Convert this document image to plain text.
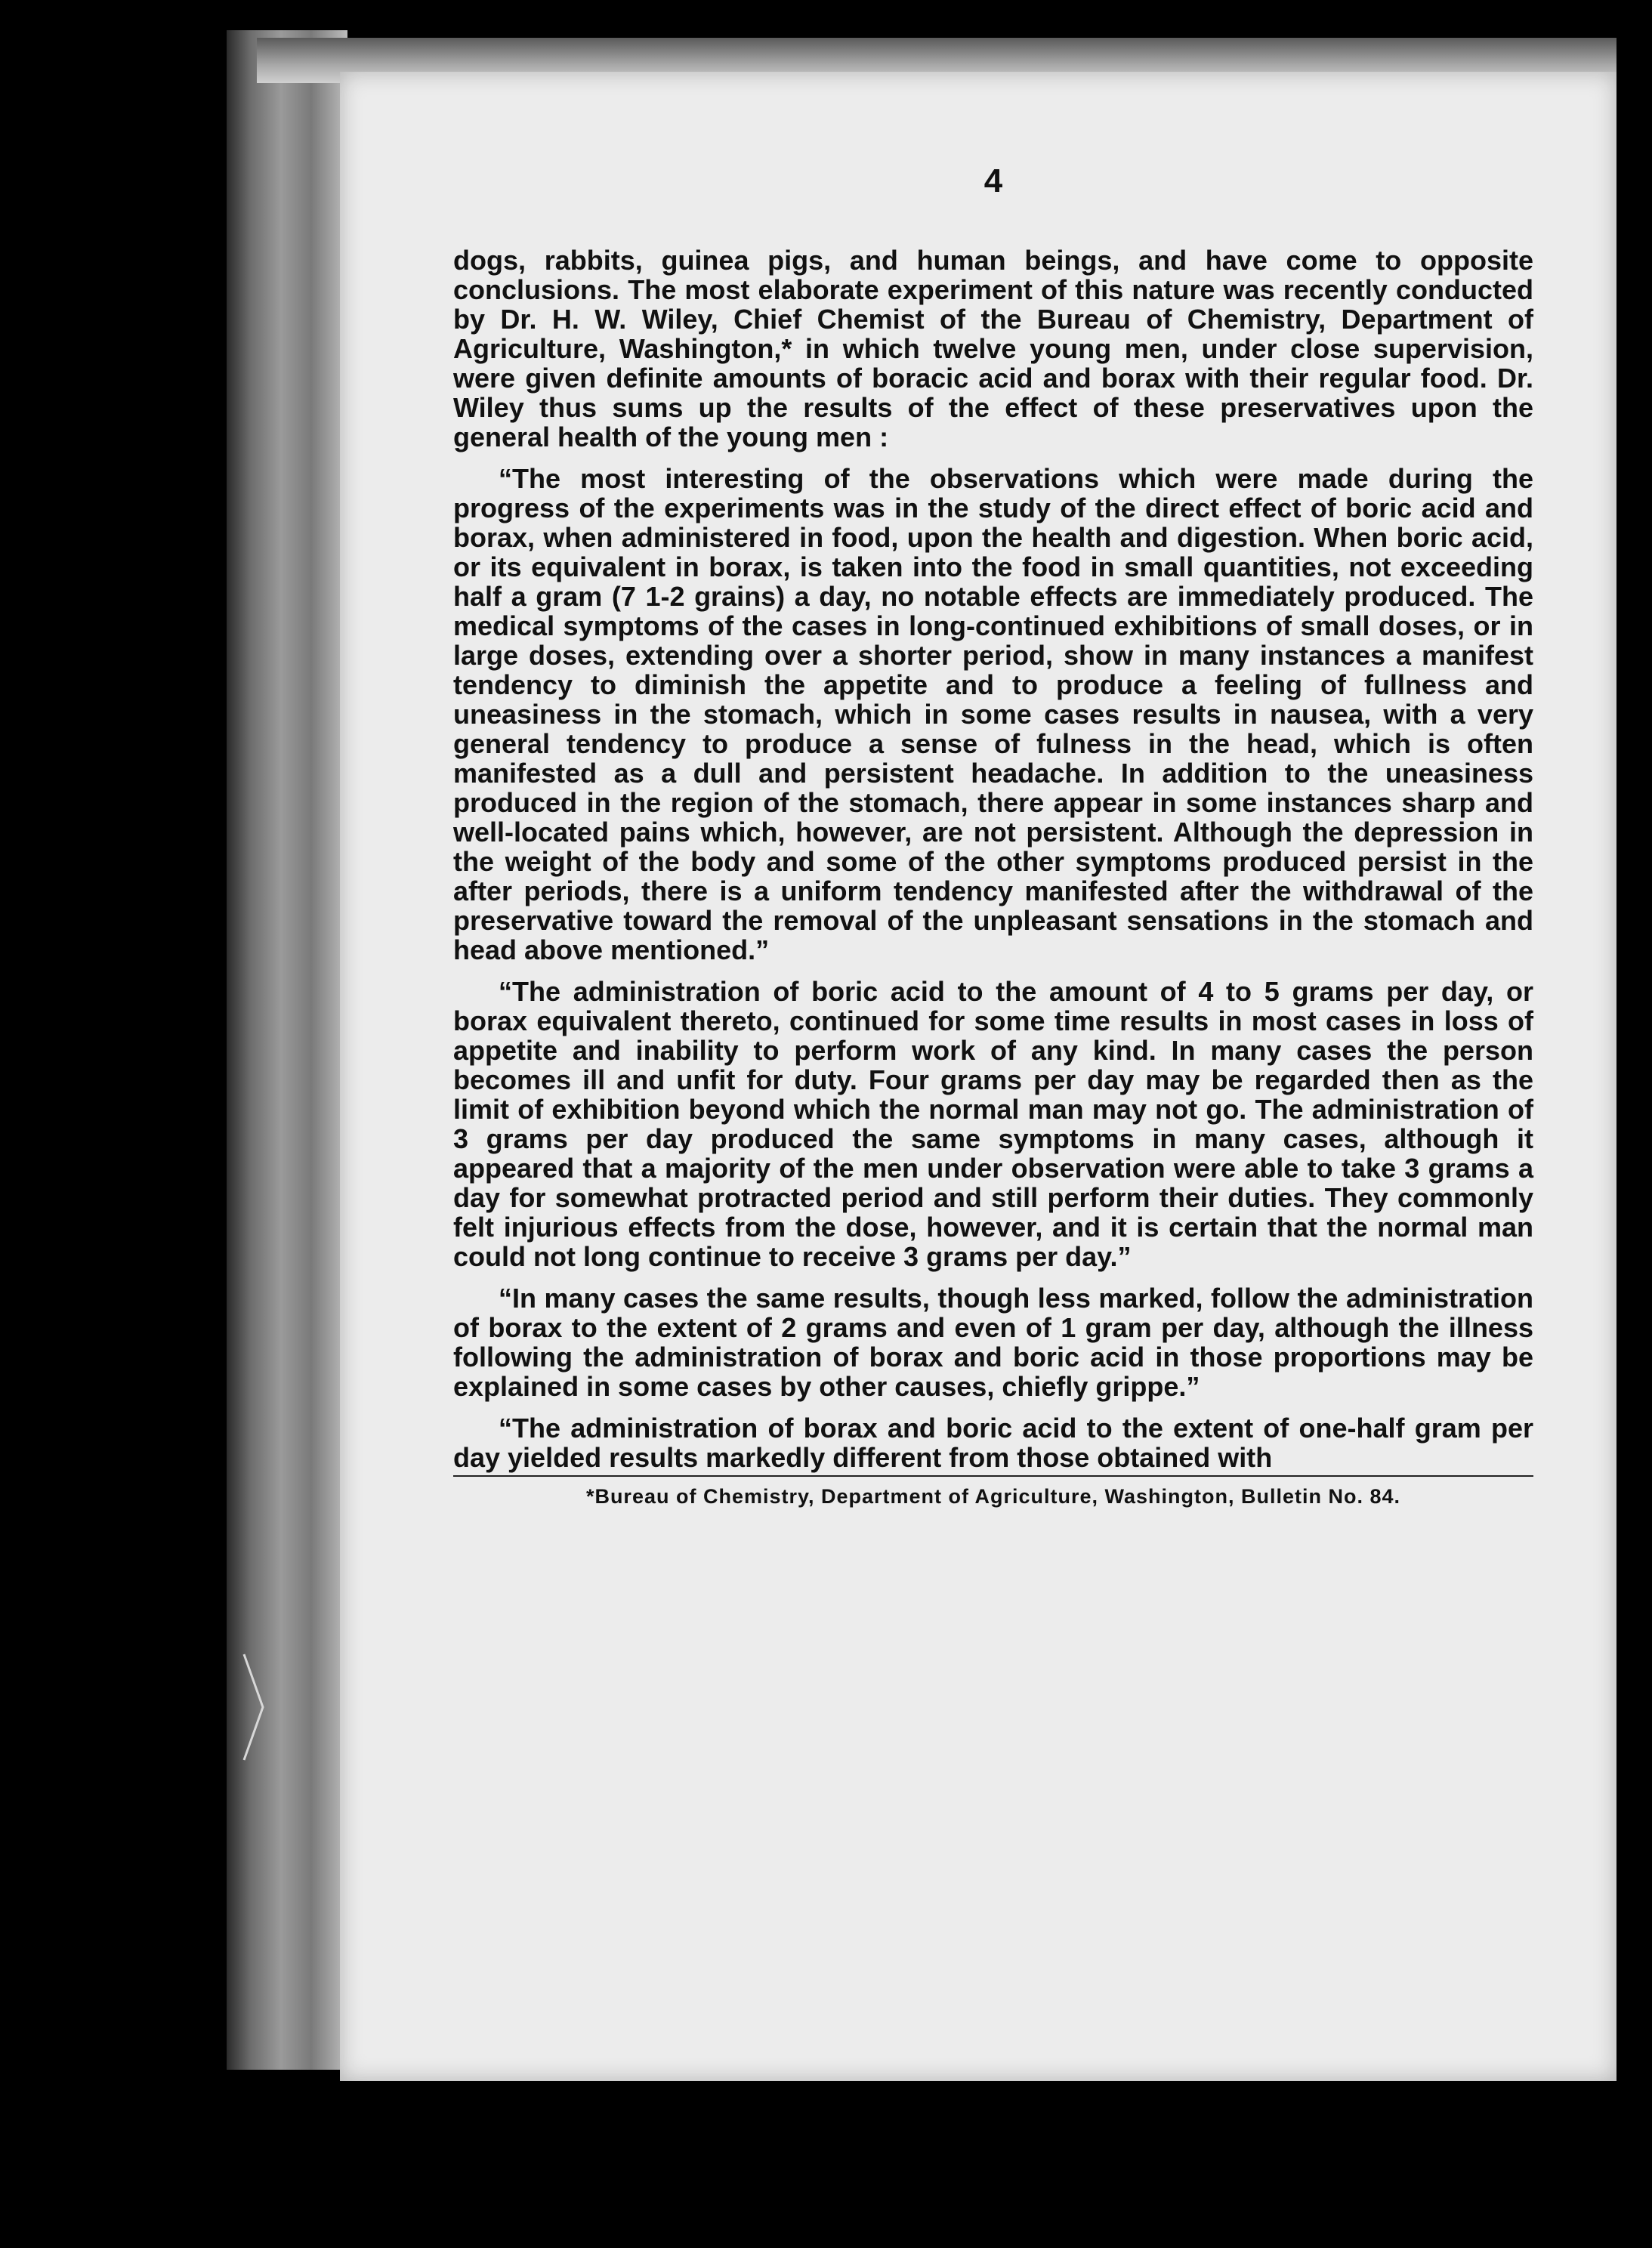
4

dogs, rabbits, guinea pigs, and human beings, and have come to opposite conclusions. The most elaborate experiment of this nature was recently conducted by Dr. H. W. Wiley, Chief Chemist of the Bureau of Chemistry, Department of Agriculture, Washington,* in which twelve young men, under close supervision, were given definite amounts of boracic acid and borax with their regular food. Dr. Wiley thus sums up the results of the effect of these preservatives upon the general health of the young men :

“The most interesting of the observations which were made during the progress of the experiments was in the study of the direct effect of boric acid and borax, when administered in food, upon the health and digestion. When boric acid, or its equivalent in borax, is taken into the food in small quantities, not exceeding half a gram (7 1-2 grains) a day, no notable effects are immediately produced. The medical symptoms of the cases in long-continued exhibitions of small doses, or in large doses, extending over a shorter period, show in many instances a manifest tendency to diminish the appetite and to produce a feeling of fullness and uneasiness in the stomach, which in some cases results in nausea, with a very general tendency to produce a sense of fulness in the head, which is often manifested as a dull and persistent headache. In addition to the uneasiness produced in the region of the stomach, there appear in some instances sharp and well-located pains which, however, are not persistent. Although the depression in the weight of the body and some of the other symptoms produced persist in the after periods, there is a uniform tendency manifested after the withdrawal of the preservative toward the removal of the unpleasant sensations in the stomach and head above mentioned.”

“The administration of boric acid to the amount of 4 to 5 grams per day, or borax equivalent thereto, continued for some time results in most cases in loss of appetite and inability to perform work of any kind. In many cases the person becomes ill and unfit for duty. Four grams per day may be regarded then as the limit of exhibition beyond which the normal man may not go. The administration of 3 grams per day produced the same symptoms in many cases, although it appeared that a majority of the men under observation were able to take 3 grams a day for somewhat protracted period and still perform their duties. They commonly felt injurious effects from the dose, however, and it is certain that the normal man could not long continue to receive 3 grams per day.”

“In many cases the same results, though less marked, follow the administration of borax to the extent of 2 grams and even of 1 gram per day, although the illness following the administration of borax and boric acid in those proportions may be explained in some cases by other causes, chiefly grippe.”

“The administration of borax and boric acid to the extent of one-half gram per day yielded results markedly different from those obtained with

*Bureau of Chemistry, Department of Agriculture, Washington, Bulletin No. 84.
